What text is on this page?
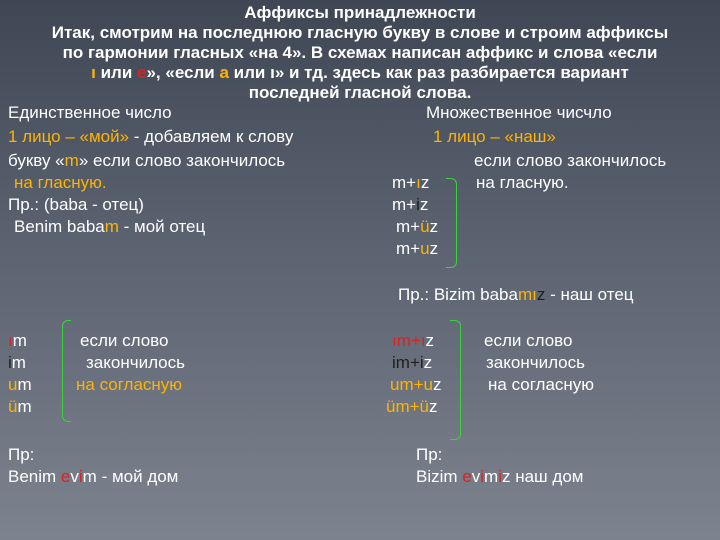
Аффиксы принадлежности
Итак, смотрим на последнюю гласную букву в слове и строим аффиксы
по гармонии гласных «на 4». В схемах написан аффикс и слова «если
ı или e», «если a или ı» и тд. здесь как раз разбирается вариант
последней гласной слова.
Единственное число
1 лицо – «мой» - добавляем к слову
букву «m» если слово закончилось
на гласную.
Пр.: (baba - отец)
Benim babam - мой отец
Множественное чисчло
1 лицо – «наш»
если слово закончилось
на гласную.
m+ız
m+iz
m+üz
m+uz
Пр.: Bizim babamız - наш отец
ım
im
um
üm
если слово
закончилось
на согласную
Пр:
Benim evim - мой дом
ım+ız
im+iz
um+uz
üm+üz
если слово
закончилось
на согласную
Пр:
Bizim evimiz наш дом
